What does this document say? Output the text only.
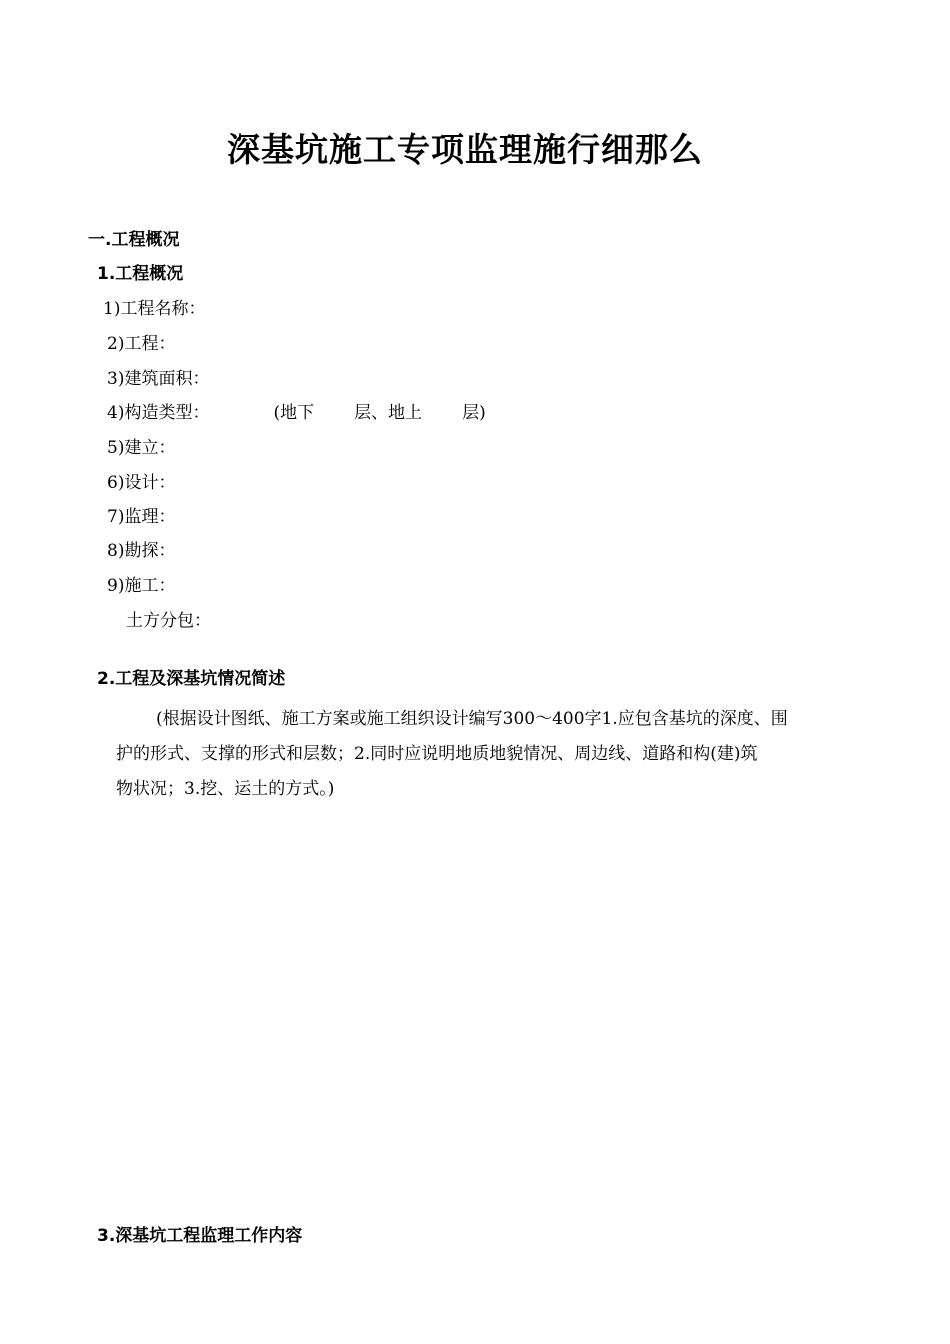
深基坑施工专项监理施行细那么
一.工程概况
1.工程概况
1)工程名称：
2)工程：
3)建筑面积：
4)构造类型：	(地下 层、地上 层)
5)建立：
6)设计：
7)监理：
8)勘探：
9)施工：
土方分包：
2.工程及深基坑情况简述
(根据设计图纸、施工方案或施工组织设计编写300～400字1.应包含基坑的深度、围
护的形式、支撑的形式和层数；2.同时应说明地质地貌情况、周边线、道路和构(建)筑
物状况；3.挖、运土的方式。)
3.深基坑工程监理工作内容
